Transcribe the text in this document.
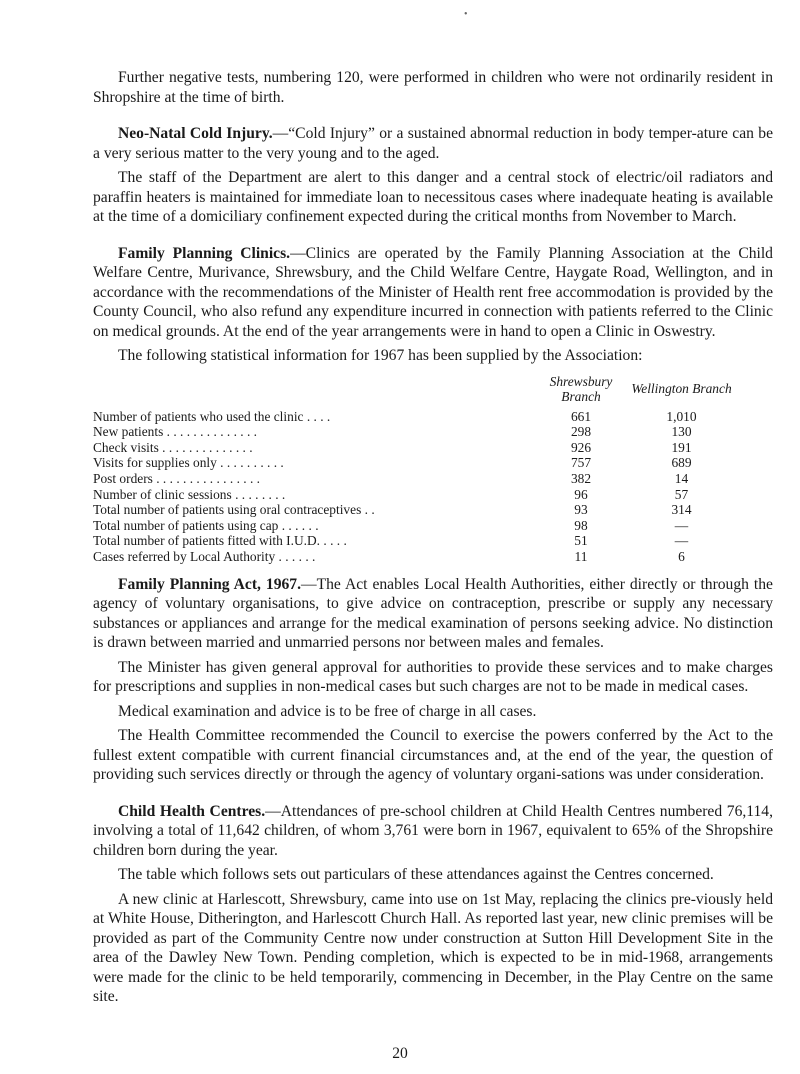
•

Further negative tests, numbering 120, were performed in children who were not ordinarily resident in Shropshire at the time of birth.

Neo-Natal Cold Injury.—“Cold Injury” or a sustained abnormal reduction in body temper-ature can be a very serious matter to the very young and to the aged.

The staff of the Department are alert to this danger and a central stock of electric/oil radiators and paraffin heaters is maintained for immediate loan to necessitous cases where inadequate heating is available at the time of a domiciliary confinement expected during the critical months from November to March.

Family Planning Clinics.—Clinics are operated by the Family Planning Association at the Child Welfare Centre, Murivance, Shrewsbury, and the Child Welfare Centre, Haygate Road, Wellington, and in accordance with the recommendations of the Minister of Health rent free accommodation is provided by the County Council, who also refund any expenditure incurred in connection with patients referred to the Clinic on medical grounds. At the end of the year arrangements were in hand to open a Clinic in Oswestry.

The following statistical information for 1967 has been supplied by the Association:

	Shrewsbury Branch	Wellington Branch
Number of patients who used the clinic . . . .	661	1,010
New patients . . . . . . . . . . . . . .	298	130
Check visits . . . . . . . . . . . . . .	926	191
Visits for supplies only . . . . . . . . . .	757	689
Post orders . . . . . . . . . . . . . . . .	382	14
Number of clinic sessions . . . . . . . .	96	57
Total number of patients using oral contraceptives . .	93	314
Total number of patients using cap . . . . . .	98	—
Total number of patients fitted with I.U.D. . . . .	51	—
Cases referred by Local Authority . . . . . .	11	6

Family Planning Act, 1967.—The Act enables Local Health Authorities, either directly or through the agency of voluntary organisations, to give advice on contraception, prescribe or supply any necessary substances or appliances and arrange for the medical examination of persons seeking advice. No distinction is drawn between married and unmarried persons nor between males and females.

The Minister has given general approval for authorities to provide these services and to make charges for prescriptions and supplies in non-medical cases but such charges are not to be made in medical cases.

Medical examination and advice is to be free of charge in all cases.

The Health Committee recommended the Council to exercise the powers conferred by the Act to the fullest extent compatible with current financial circumstances and, at the end of the year, the question of providing such services directly or through the agency of voluntary organi-sations was under consideration.

Child Health Centres.—Attendances of pre-school children at Child Health Centres numbered 76,114, involving a total of 11,642 children, of whom 3,761 were born in 1967, equivalent to 65% of the Shropshire children born during the year.

The table which follows sets out particulars of these attendances against the Centres concerned.

A new clinic at Harlescott, Shrewsbury, came into use on 1st May, replacing the clinics pre-viously held at White House, Ditherington, and Harlescott Church Hall. As reported last year, new clinic premises will be provided as part of the Community Centre now under construction at Sutton Hill Development Site in the area of the Dawley New Town. Pending completion, which is expected to be in mid-1968, arrangements were made for the clinic to be held temporarily, commencing in December, in the Play Centre on the same site.

20
